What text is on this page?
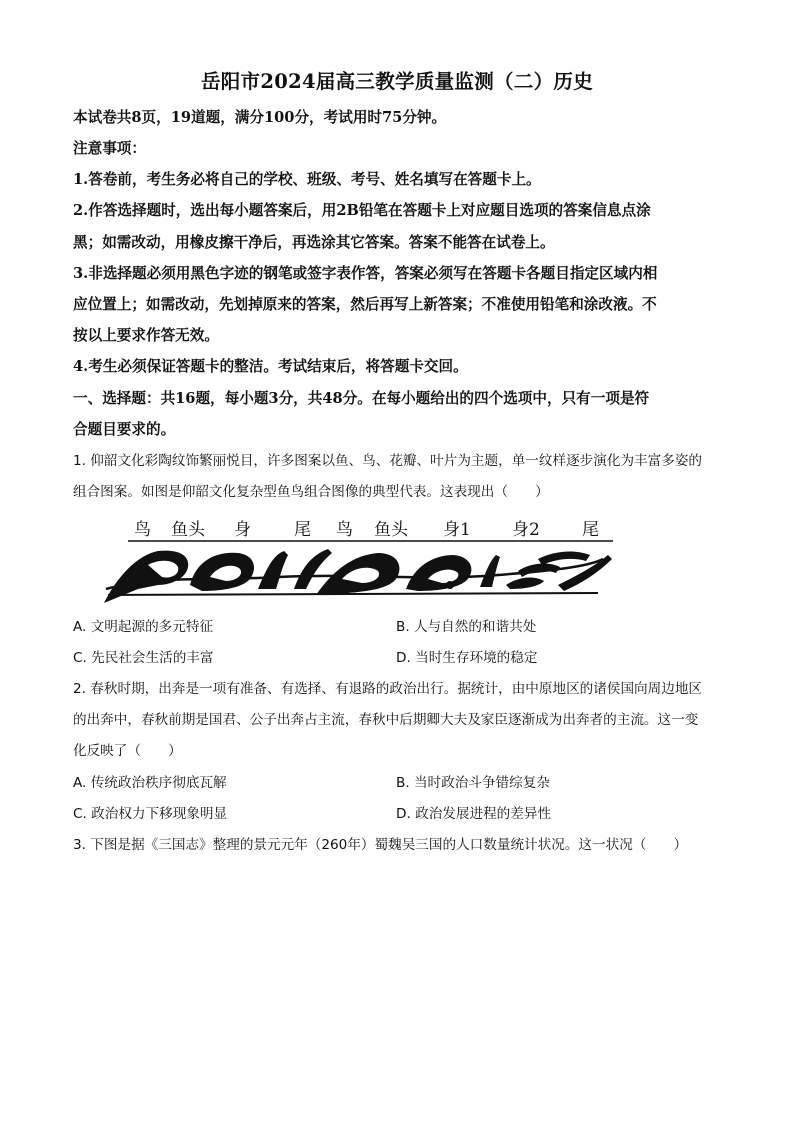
岳阳市2024届高三教学质量监测（二）历史
本试卷共8页，19道题，满分100分，考试用时75分钟。
注意事项：
1.答卷前，考生务必将自己的学校、班级、考号、姓名填写在答题卡上。
2.作答选择题时，选出每小题答案后，用2B铅笔在答题卡上对应题目选项的答案信息点涂
黑；如需改动，用橡皮擦干净后，再选涂其它答案。答案不能答在试卷上。
3.非选择题必须用黑色字迹的钢笔或签字表作答，答案必须写在答题卡各题目指定区域内相
应位置上；如需改动，先划掉原来的答案，然后再写上新答案；不准使用铅笔和涂改液。不
按以上要求作答无效。
4.考生必须保证答题卡的整洁。考试结束后，将答题卡交回。
一、选择题：共16题，每小题3分，共48分。在每小题给出的四个选项中，只有一项是符
合题目要求的。
1. 仰韶文化彩陶纹饰繁丽悦目，许多图案以鱼、鸟、花瓣、叶片为主题，单一纹样逐步演化为丰富多姿的
组合图案。如图是仰韶文化复杂型鱼鸟组合图像的典型代表。这表现出（　　）
鸟 鱼头 身	尾 鸟 鱼头 身1 身2 尾
A. 文明起源的多元特征	B. 人与自然的和谐共处
C. 先民社会生活的丰富	D. 当时生存环境的稳定
2. 春秋时期，出奔是一项有准备、有选择、有退路的政治出行。据统计，由中原地区的诸侯国向周边地区
的出奔中，春秋前期是国君、公子出奔占主流，春秋中后期卿大夫及家臣逐渐成为出奔者的主流。这一变
化反映了（　　）
A. 传统政治秩序彻底瓦解	B. 当时政治斗争错综复杂
C. 政治权力下移现象明显	D. 政治发展进程的差异性
3. 下图是据《三国志》整理的景元元年（260年）蜀魏吴三国的人口数量统计状况。这一状况（　　）
